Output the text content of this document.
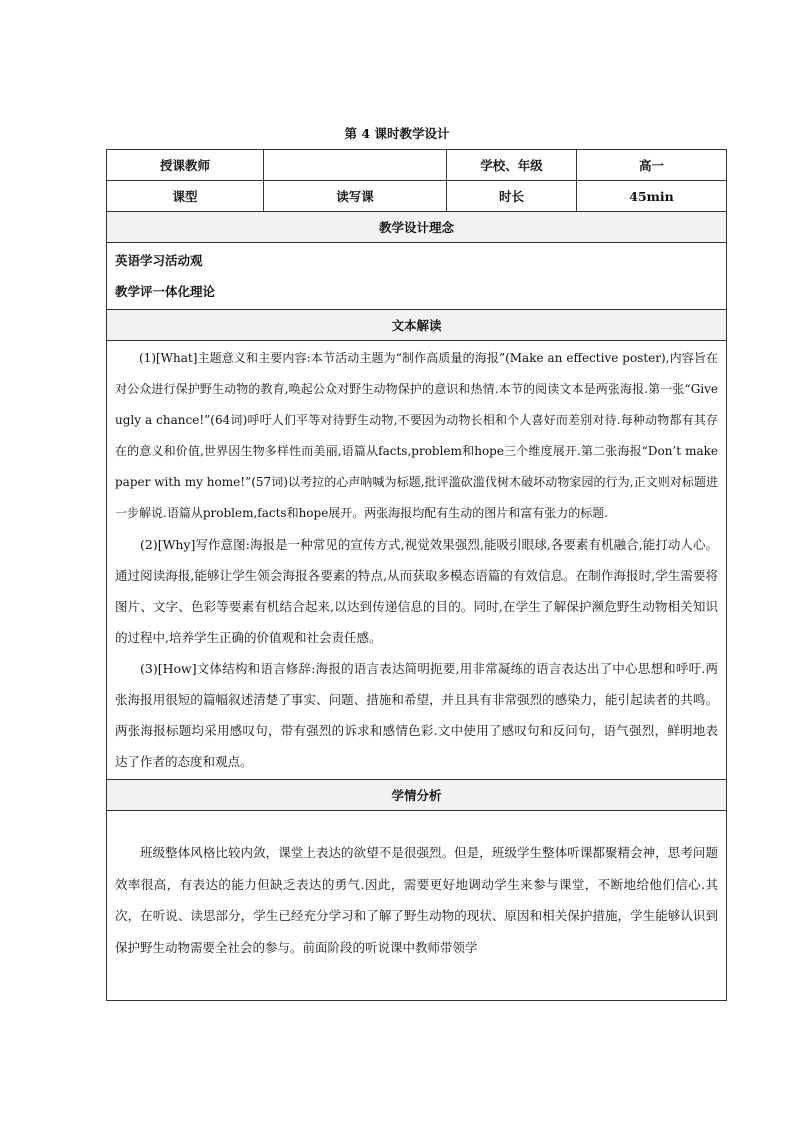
第 4 课时教学设计
授课教师		学校、年级	高一
课型	读写课	时长	45min
教学设计理念			

英语学习活动观
教学评一体化理论			

文本解读			

(1)[What]主题意义和主要内容:本节活动主题为“制作高质量的海报”(Make an effective poster),内容旨在对公众进行保护野生动物的教育,唤起公众对野生动物保护的意识和热情.本节的阅读文本是两张海报.第一张“Give ugly a chance!”(64词)呼吁人们平等对待野生动物,不要因为动物长相和个人喜好而差别对待.每种动物都有其存在的意义和价值,世界因生物多样性而美丽,语篇从facts,problem和hope三个维度展开.第二张海报“Don’t make paper with my home!”(57词)以考拉的心声呐喊为标题,批评滥砍滥伐树木破坏动物家园的行为,正文则对标题进一步解说.语篇从problem,facts和hope展开。两张海报均配有生动的图片和富有张力的标题.

(2)[Why]写作意图:海报是一种常见的宣传方式,视觉效果强烈,能吸引眼球,各要素有机融合,能打动人心。通过阅读海报,能够让学生领会海报各要素的特点,从而获取多模态语篇的有效信息。在制作海报时,学生需要将图片、文字、色彩等要素有机结合起来,以达到传递信息的目的。同时,在学生了解保护濒危野生动物相关知识的过程中,培养学生正确的价值观和社会责任感。

(3)[How]文体结构和语言修辞:海报的语言表达简明扼要,用非常凝练的语言表达出了中心思想和呼吁.两张海报用很短的篇幅叙述清楚了事实、问题、措施和希望，并且具有非常强烈的感染力，能引起读者的共鸣。两张海报标题均采用感叹句，带有强烈的诉求和感情色彩.文中使用了感叹句和反问句，语气强烈，鲜明地表达了作者的态度和观点。			

学情分析			

班级整体风格比较内敛，课堂上表达的欲望不是很强烈。但是，班级学生整体听课都聚精会神，思考问题效率很高，有表达的能力但缺乏表达的勇气.因此，需要更好地调动学生来参与课堂，不断地给他们信心.其次，在听说、读思部分，学生已经充分学习和了解了野生动物的现状、原因和相关保护措施，学生能够认识到保护野生动物需要全社会的参与。前面阶段的听说课中教师带领学			
